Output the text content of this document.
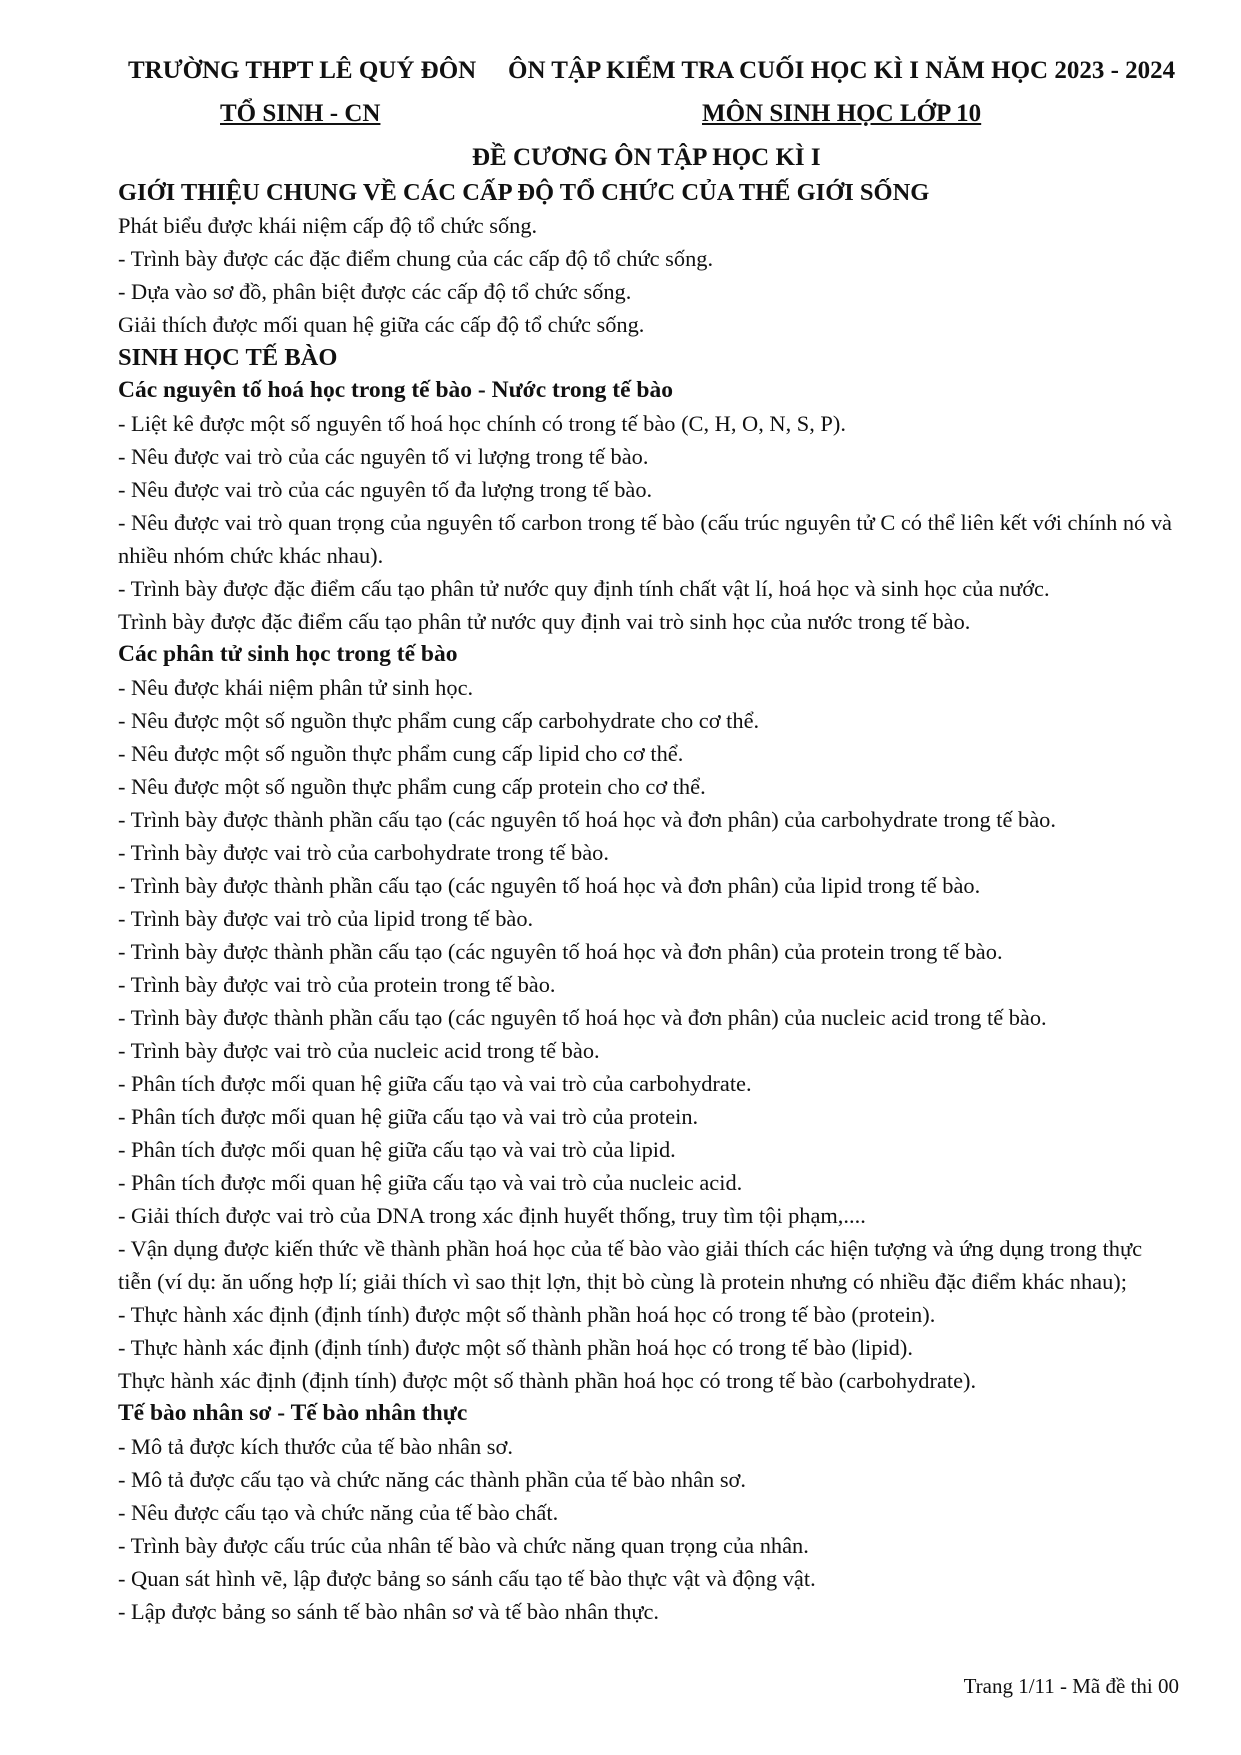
TRƯỜNG THPT LÊ QUÝ ĐÔN ÔN TẬP KIỂM TRA CUỐI HỌC KÌ I NĂM HỌC 2023 - 2024
TỔ SINH - CN	MÔN SINH HỌC LỚP 10
ĐỀ CƯƠNG ÔN TẬP HỌC KÌ I

GIỚI THIỆU CHUNG VỀ CÁC CẤP ĐỘ TỔ CHỨC CỦA THẾ GIỚI SỐNG

Phát biểu được khái niệm cấp độ tổ chức sống.

- Trình bày được các đặc điểm chung của các cấp độ tổ chức sống.

- Dựa vào sơ đồ, phân biệt được các cấp độ tổ chức sống.

Giải thích được mối quan hệ giữa các cấp độ tổ chức sống.

SINH HỌC TẾ BÀO

Các nguyên tố hoá học trong tế bào - Nước trong tế bào

- Liệt kê được một số nguyên tố hoá học chính có trong tế bào (C, H, O, N, S, P).

- Nêu được vai trò của các nguyên tố vi lượng trong tế bào.

- Nêu được vai trò của các nguyên tố đa lượng trong tế bào.

- Nêu được vai trò quan trọng của nguyên tố carbon trong tế bào (cấu trúc nguyên tử C có thể liên kết với chính nó và nhiều nhóm chức khác nhau).

- Trình bày được đặc điểm cấu tạo phân tử nước quy định tính chất vật lí, hoá học và sinh học của nước.

Trình bày được đặc điểm cấu tạo phân tử nước quy định vai trò sinh học của nước trong tế bào.

Các phân tử sinh học trong tế bào

- Nêu được khái niệm phân tử sinh học.

- Nêu được một số nguồn thực phẩm cung cấp carbohydrate cho cơ thể.

- Nêu được một số nguồn thực phẩm cung cấp lipid cho cơ thể.

- Nêu được một số nguồn thực phẩm cung cấp protein cho cơ thể.

- Trình bày được thành phần cấu tạo (các nguyên tố hoá học và đơn phân) của carbohydrate trong tế bào.

- Trình bày được vai trò của carbohydrate trong tế bào.

- Trình bày được thành phần cấu tạo (các nguyên tố hoá học và đơn phân) của lipid trong tế bào.

- Trình bày được vai trò của lipid trong tế bào.

- Trình bày được thành phần cấu tạo (các nguyên tố hoá học và đơn phân) của protein trong tế bào.

- Trình bày được vai trò của protein trong tế bào.

- Trình bày được thành phần cấu tạo (các nguyên tố hoá học và đơn phân) của nucleic acid trong tế bào.

- Trình bày được vai trò của nucleic acid trong tế bào.

- Phân tích được mối quan hệ giữa cấu tạo và vai trò của carbohydrate.

- Phân tích được mối quan hệ giữa cấu tạo và vai trò của protein.

- Phân tích được mối quan hệ giữa cấu tạo và vai trò của lipid.

- Phân tích được mối quan hệ giữa cấu tạo và vai trò của nucleic acid.

- Giải thích được vai trò của DNA trong xác định huyết thống, truy tìm tội phạm,....

- Vận dụng được kiến thức về thành phần hoá học của tế bào vào giải thích các hiện tượng và ứng dụng trong thực tiễn (ví dụ: ăn uống hợp lí; giải thích vì sao thịt lợn, thịt bò cùng là protein nhưng có nhiều đặc điểm khác nhau);

- Thực hành xác định (định tính) được một số thành phần hoá học có trong tế bào (protein).

- Thực hành xác định (định tính) được một số thành phần hoá học có trong tế bào (lipid).

Thực hành xác định (định tính) được một số thành phần hoá học có trong tế bào (carbohydrate).

Tế bào nhân sơ - Tế bào nhân thực

- Mô tả được kích thước của tế bào nhân sơ.

- Mô tả được cấu tạo và chức năng các thành phần của tế bào nhân sơ.

- Nêu được cấu tạo và chức năng của tế bào chất.

- Trình bày được cấu trúc của nhân tế bào và chức năng quan trọng của nhân.

- Quan sát hình vẽ, lập được bảng so sánh cấu tạo tế bào thực vật và động vật.

- Lập được bảng so sánh tế bào nhân sơ và tế bào nhân thực.

Trang 1/11 - Mã đề thi 00
